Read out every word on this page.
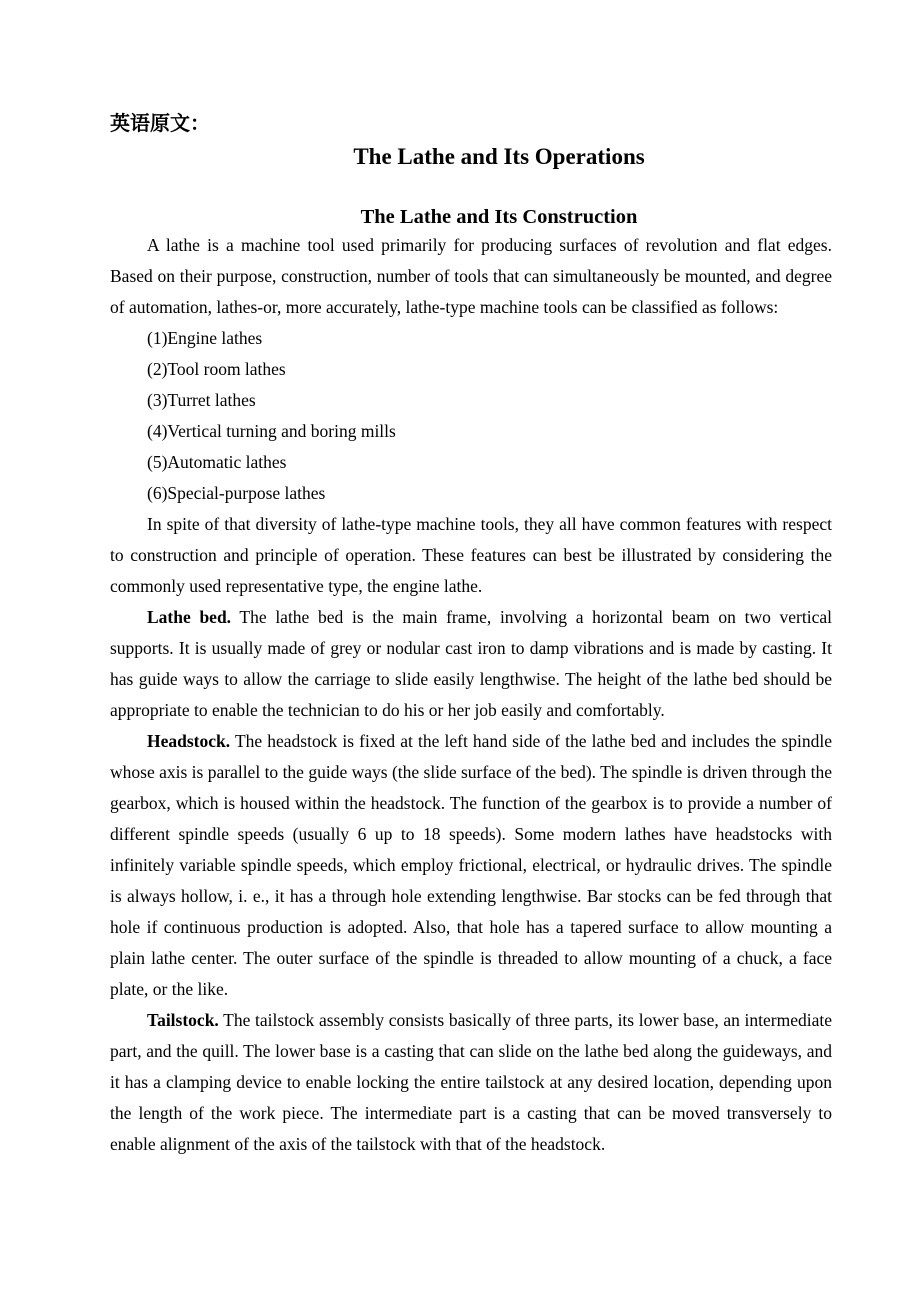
英语原文：
The Lathe and Its Operations
The Lathe and Its Construction

A lathe is a machine tool used primarily for producing surfaces of revolution and flat edges. Based on their purpose, construction, number of tools that can simultaneously be mounted, and degree of automation, lathes-or, more accurately, lathe-type machine tools can be classified as follows:

(1)Engine lathes

(2)Tool room lathes

(3)Turret lathes

(4)Vertical turning and boring mills

(5)Automatic lathes

(6)Special-purpose lathes

In spite of that diversity of lathe-type machine tools, they all have common features with respect to construction and principle of operation. These features can best be illustrated by considering the commonly used representative type, the engine lathe.

Lathe bed. The lathe bed is the main frame, involving a horizontal beam on two vertical supports. It is usually made of grey or nodular cast iron to damp vibrations and is made by casting. It has guide ways to allow the carriage to slide easily lengthwise. The height of the lathe bed should be appropriate to enable the technician to do his or her job easily and comfortably.

Headstock. The headstock is fixed at the left hand side of the lathe bed and includes the spindle whose axis is parallel to the guide ways (the slide surface of the bed). The spindle is driven through the gearbox, which is housed within the headstock. The function of the gearbox is to provide a number of different spindle speeds (usually 6 up to 18 speeds). Some modern lathes have headstocks with infinitely variable spindle speeds, which employ frictional, electrical, or hydraulic drives. The spindle is always hollow, i. e., it has a through hole extending lengthwise. Bar stocks can be fed through that hole if continuous production is adopted. Also, that hole has a tapered surface to allow mounting a plain lathe center. The outer surface of the spindle is threaded to allow mounting of a chuck, a face plate, or the like.

Tailstock. The tailstock assembly consists basically of three parts, its lower base, an intermediate part, and the quill. The lower base is a casting that can slide on the lathe bed along the guideways, and it has a clamping device to enable locking the entire tailstock at any desired location, depending upon the length of the work piece. The intermediate part is a casting that can be moved transversely to enable alignment of the axis of the tailstock with that of the headstock.
